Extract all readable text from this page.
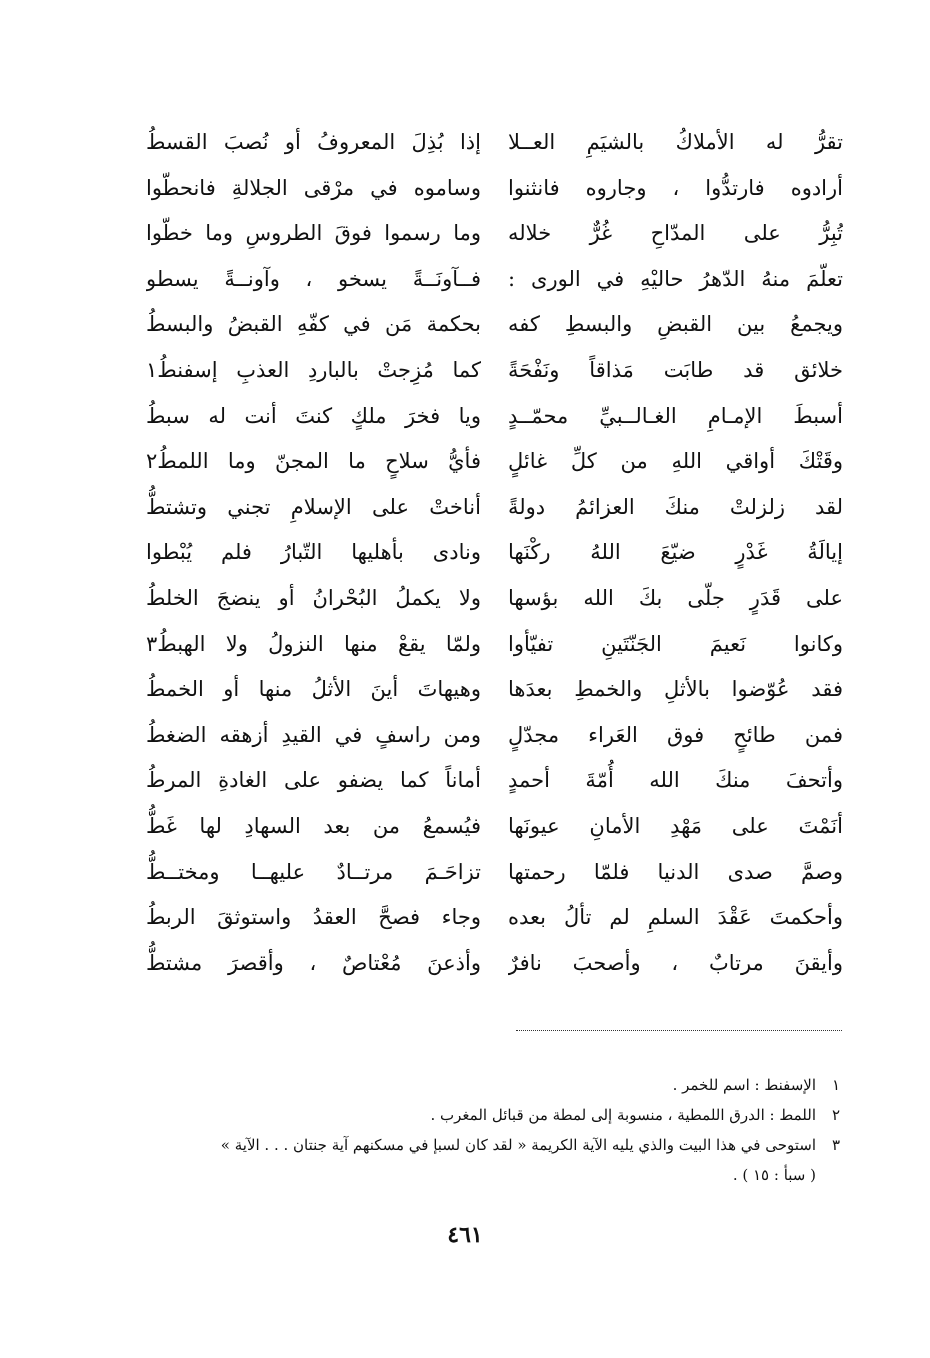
تقرُّ له الأملاكُ بالشيَمِ العــلا
أرادوه فارتدُّوا ، وجاروه فانثنوا
تُبِرُّ على المدّاحِ غُرٌّ خلاله
تعلّمَ منهُ الدّهرُ حاليْهِ في الورى :
ويجمعُ بين القبضِ والبسطِ كفه
خلائق قد طابَت مَذاقاً ونَفْحَةً
أسبطَ الإمـامِ الغـالــبيِّ محمّــدٍ
وقَتْكَ أواقي اللهِ من كلِّ غائلٍ
لقد زلزلتْ منكَ العزائمُ دولةً
إيالَةُ غَدْرٍ ضيّعَ اللهُ ركْنَها
على قَدَرٍ جلّى بكَ الله بؤسها
وكانوا نَعيمَ الجَنّتَينِ تفيّأوا
فقد عُوّضوا بالأثلِ والخمطِ بعدَها
فمن طائحٍ فوق العَراء مجدّلٍ
وأتحفَ منكَ الله أُمّةَ أحمدٍ
أنَمْتَ على مَهْدِ الأمانِ عيونَها
وصمَّ صدى الدنيا فلمّا رحمتها
وأحكمتَ عَقْدَ السلمِ لم تألُ بعده
وأيقنَ مرتابٌ ، وأصحبَ نافرٌ
إذا بُذِلَ المعروفُ أو نُصبَ القسطُ
وساموه في مرْقى الجلالةِ فانحطّوا
وما رسموا فوقَ الطروسِ وما خطّوا
فــآونَــةً يسخو ، وآونــةً يسطو
بحكمة مَن في كفّهِ القبضُ والبسطُ
كما مُزِجتْ بالباردِ العذبِ إسفنطُ١
ويا فخرَ ملكٍ كنتَ أنت له سبطُ
فأيُّ سلاحٍ ما المجنّ وما اللمطُ٢
أناختْ على الإسلامِ تجني وتشتطُّ
ونادى بأهليها التّبارُ فلم يُبْطوا
ولا يكملُ البُحْرانُ أو ينضجَ الخلطُ
ولمّا يقعْ منها النزولُ ولا الهبطُ٣
وهيهاتَ أينَ الأثلُ منها أو الخمطُ
ومن راسفٍ في القيدِ أزهقه الضغطُ
أماناً كما يضفو على الغادةِ المرطُ
فيُسمعُ من بعد السهادِ لها غَطُّ
تزاحَـمَ مرتــادٌ عليهــا ومختــطُّ
وجاء فصحَّ العقدُ واستوثقَ الربطُ
وأذعنَ مُعْتاصٌ ، وأقصرَ مشتطُّ
١الإسفنط : اسم للخمر .
٢اللمط : الدرق اللمطية ، منسوبة إلى لمطة من قبائل المغرب .
٣استوحى في هذا البيت والذي يليه الآية الكريمة « لقد كان لسبإ في مسكنهم آية جنتان . . . الآية »
( سبأ : ١٥ ) .
٤٦١
